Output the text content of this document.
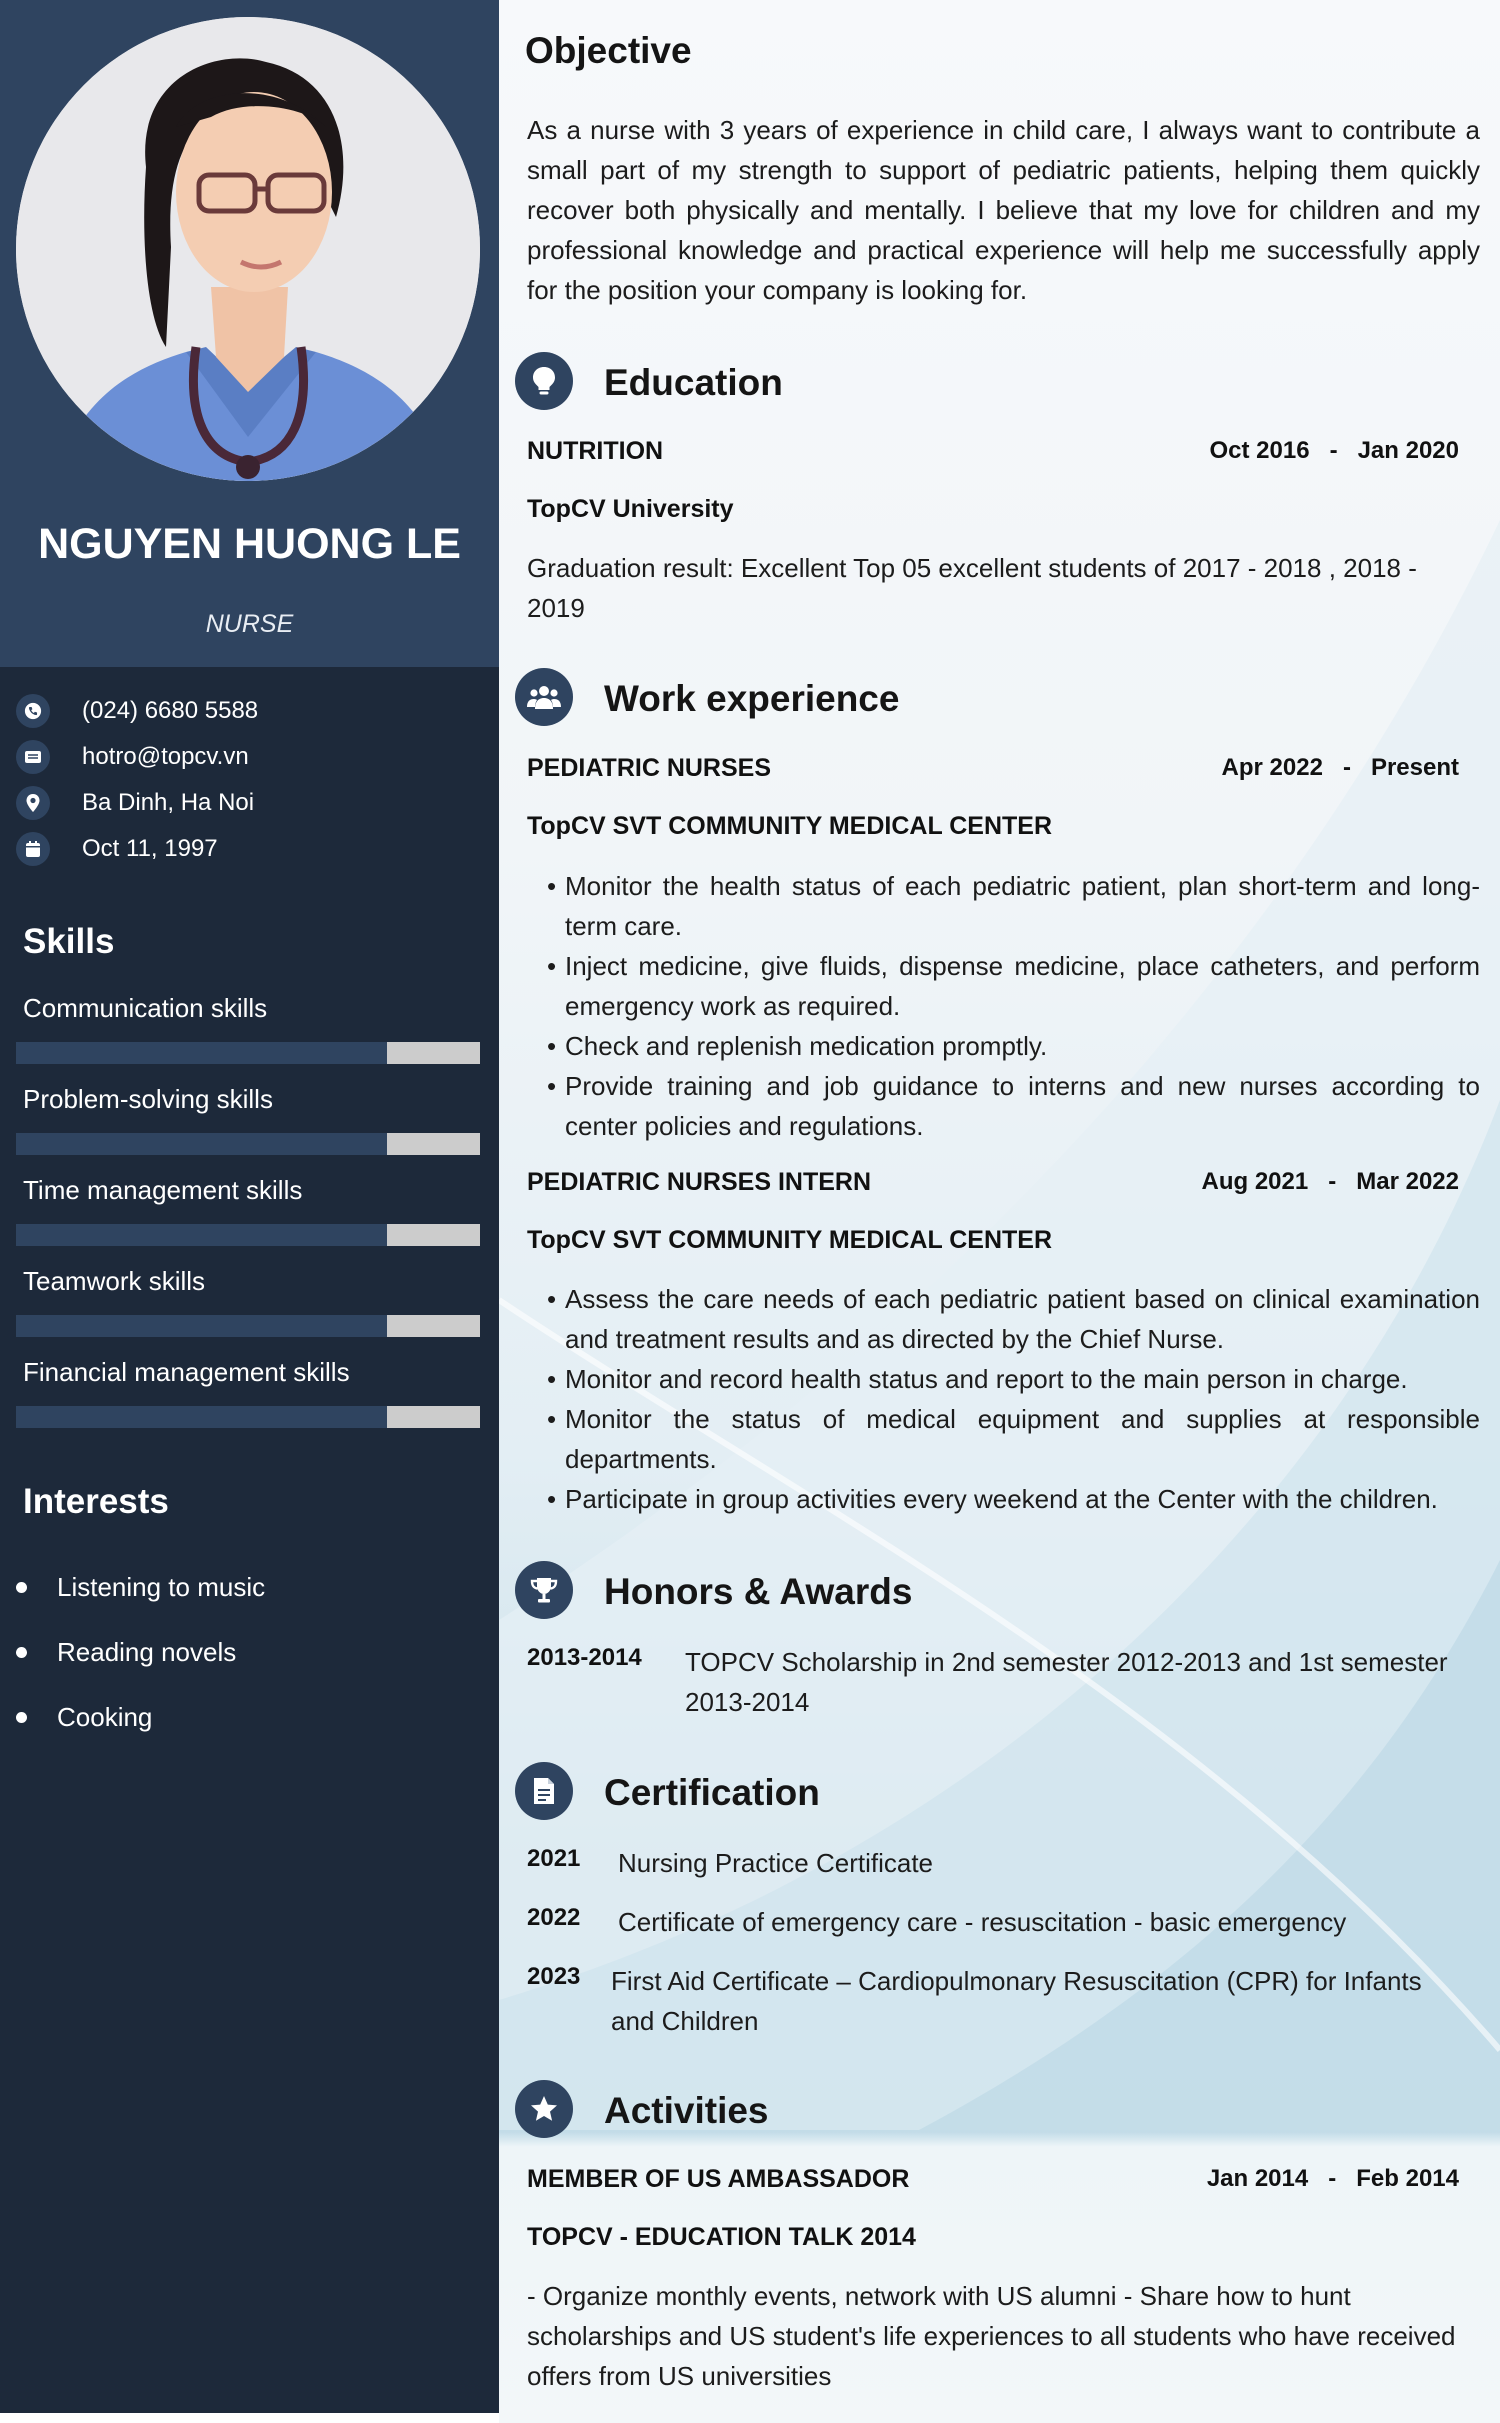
NGUYEN HUONG LE
NURSE
(024) 6680 5588
hotro@topcv.vn
Ba Dinh, Ha Noi
Oct 11, 1997
Skills
Communication skills
Problem-solving skills
Time management skills
Teamwork skills
Financial management skills
Interests
Listening to music
Reading novels
Cooking
Objective
As a nurse with 3 years of experience in child care, I always want to contribute a small part of my strength to support of pediatric patients, helping them quickly recover both physically and mentally. I believe that my love for children and my professional knowledge and practical experience will help me successfully apply for the position your company is looking for.
Education
NUTRITION	Oct 2016 - Jan 2020
TopCV University
Graduation result: Excellent Top 05 excellent students of 2017 - 2018 , 2018 - 2019
Work experience
PEDIATRIC NURSES	Apr 2022 - Present
TopCV SVT COMMUNITY MEDICAL CENTER
• Monitor the health status of each pediatric patient, plan short-term and long-term care.
• Inject medicine, give fluids, dispense medicine, place catheters, and perform emergency work as required.
• Check and replenish medication promptly.
• Provide training and job guidance to interns and new nurses according to center policies and regulations.
PEDIATRIC NURSES INTERN	Aug 2021 - Mar 2022
TopCV SVT COMMUNITY MEDICAL CENTER
• Assess the care needs of each pediatric patient based on clinical examination and treatment results and as directed by the Chief Nurse.
• Monitor and record health status and report to the main person in charge.
• Monitor the status of medical equipment and supplies at responsible departments.
• Participate in group activities every weekend at the Center with the children.
Honors & Awards
2013-2014 TOPCV Scholarship in 2nd semester 2012-2013 and 1st semester 2013-2014
Certification
2021 Nursing Practice Certificate
2022 Certificate of emergency care - resuscitation - basic emergency
2023 First Aid Certificate – Cardiopulmonary Resuscitation (CPR) for Infants and Children
Activities
MEMBER OF US AMBASSADOR	Jan 2014 - Feb 2014
TOPCV - EDUCATION TALK 2014
- Organize monthly events, network with US alumni - Share how to hunt scholarships and US student's life experiences to all students who have received offers from US universities
